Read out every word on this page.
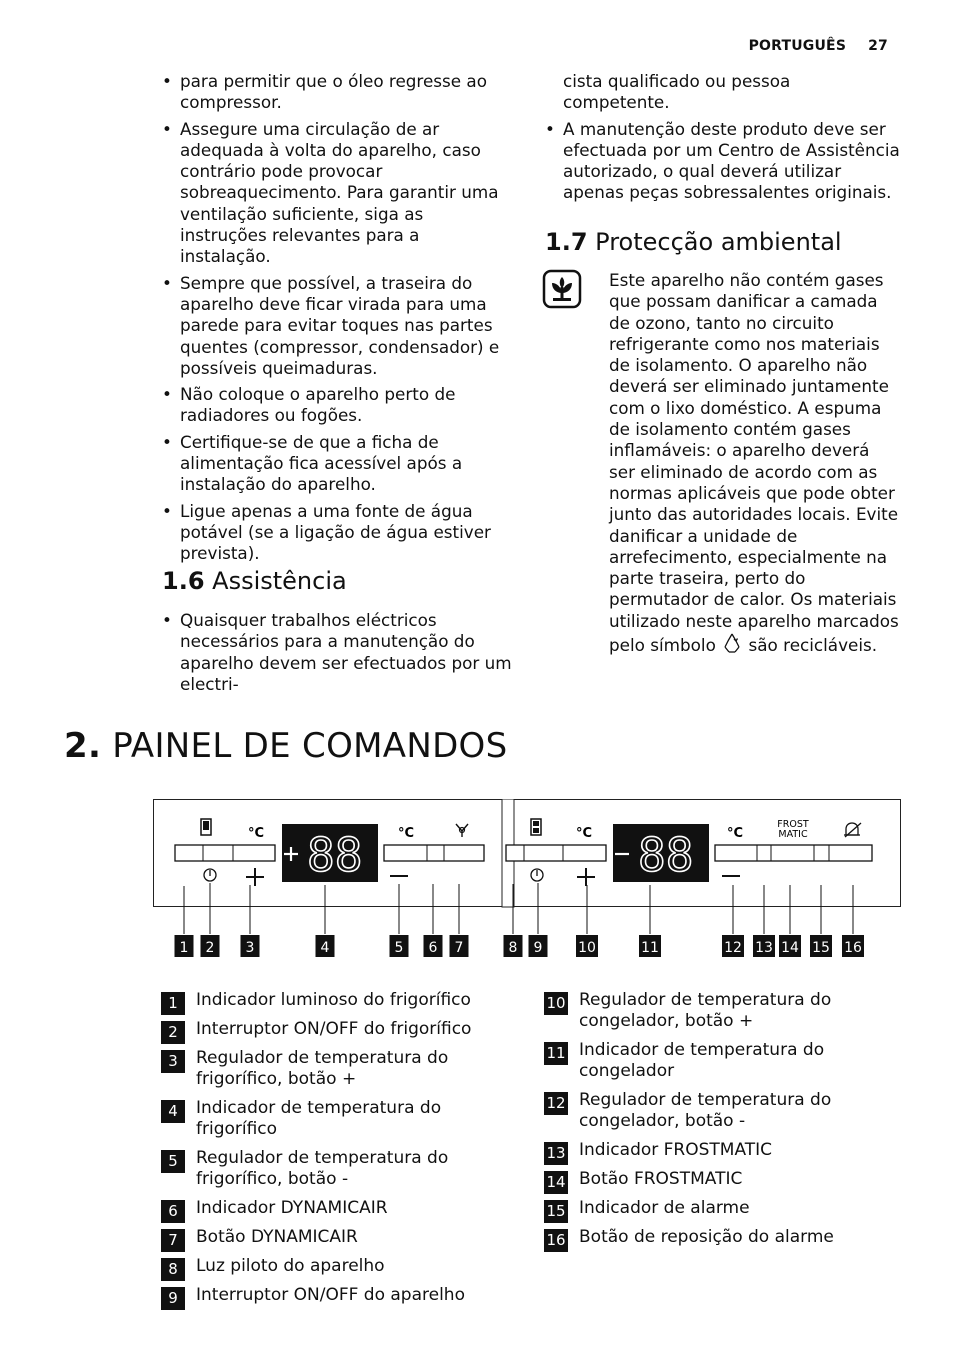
PORTUGUÊS 27
• para permitir que o óleo regresse ao compressor.
• Assegure uma circulação de ar adequada à volta do aparelho, caso contrário pode provocar sobreaquecimento. Para garantir uma ventilação suficiente, siga as instruções relevantes para a instalação.
• Sempre que possível, a traseira do aparelho deve ficar virada para uma parede para evitar toques nas partes quentes (compressor, condensador) e possíveis queimaduras.
• Não coloque o aparelho perto de radiadores ou fogões.
• Certifique-se de que a ficha de alimentação fica acessível após a instalação do aparelho.
• Ligue apenas a uma fonte de água potável (se a ligação de água estiver prevista).
1.6 Assistência
• Quaisquer trabalhos eléctricos necessários para a manutenção do aparelho devem ser efectuados por um electri-

cista qualificado ou pessoa competente.

• A manutenção deste produto deve ser efectuada por um Centro de Assistência autorizado, o qual deverá utilizar apenas peças sobressalentes originais.
1.7 Protecção ambiental
Este aparelho não contém gases que possam danificar a camada de ozono, tanto no circuito refrigerante como nos materiais de isolamento. O aparelho não deverá ser eliminado juntamente com o lixo doméstico. A espuma de isolamento contém gases inflamáveis: o aparelho deverá ser eliminado de acordo com as normas aplicáveis que pode obter junto das autoridades locais. Evite danificar a unidade de arrefecimento, especialmente na parte traseira, perto do permutador de calor. Os materiais utilizado neste aparelho marcados pelo símbolo são recicláveis.
2. PAINEL DE COMANDOS
°C 88	°C	°C 88	°C
FROST
MATIC
1 2 3	4	5 6 7	8 9	10	11	12 13 14 15 16
1	Indicador luminoso do frigorífico
2	Interruptor ON/OFF do frigorífico
3	Regulador de temperatura do frigorífico, botão +
4	Indicador de temperatura do frigorífico
5	Regulador de temperatura do frigorífico, botão -
6	Indicador DYNAMICAIR
7	Botão DYNAMICAIR
8	Luz piloto do aparelho
9	Interruptor ON/OFF do aparelho
10 Regulador de temperatura do congelador, botão +
11 Indicador de temperatura do congelador
12 Regulador de temperatura do congelador, botão -
13 Indicador FROSTMATIC
14 Botão FROSTMATIC
15 Indicador de alarme
16 Botão de reposição do alarme
